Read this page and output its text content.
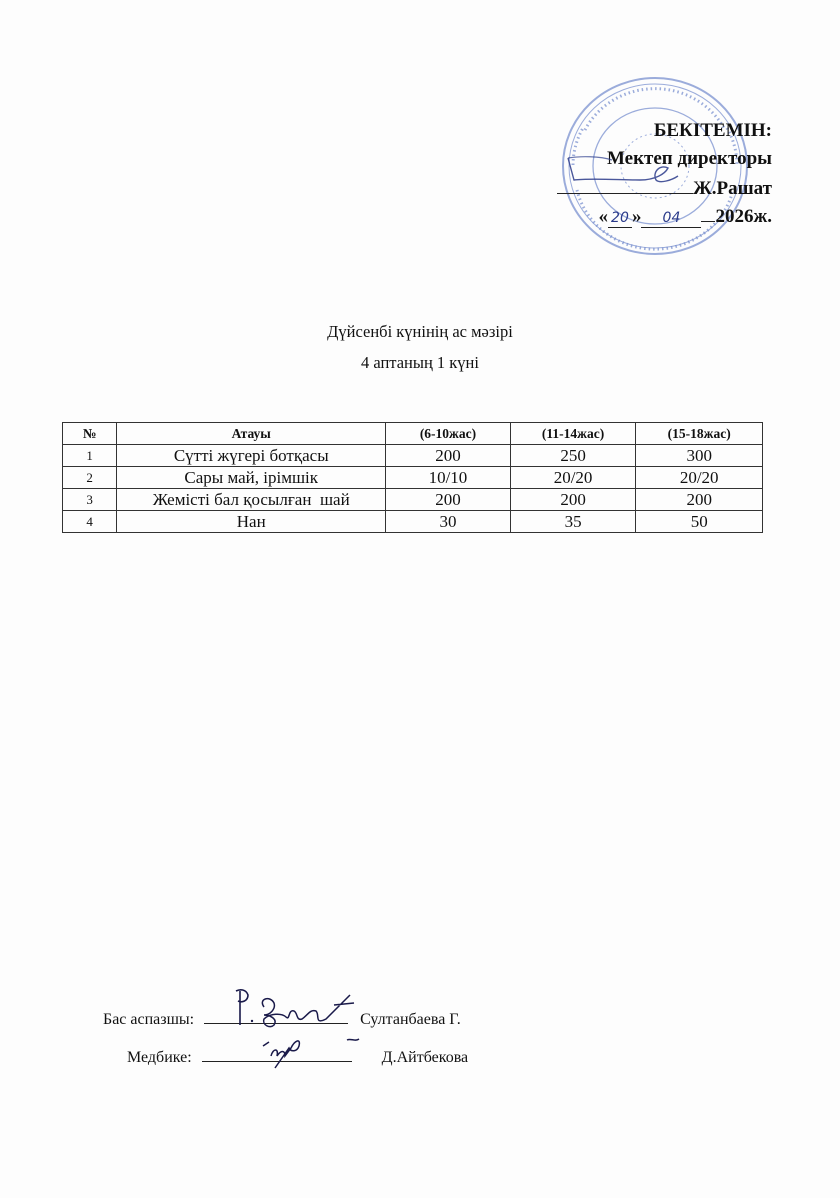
БЕКІТЕМІН:
Мектеп директоры
Ж.Рашат
« 20 » 04 2026ж.
Дүйсенбі күнінің ас мәзірі
4 аптаның 1 күні
№	Атауы	(6-10жас)	(11-14жас)	(15-18жас)
1	Сүтті жүгері ботқасы	200	250	300
2	Сары май, ірімшік	10/10	20/20	20/20
3	Жемісті бал қосылған  шай	200	200	200
4	Нан	30	35	50
Бас аспазшы:	Султанбаева Г.
Медбике:	Д.Айтбекова
